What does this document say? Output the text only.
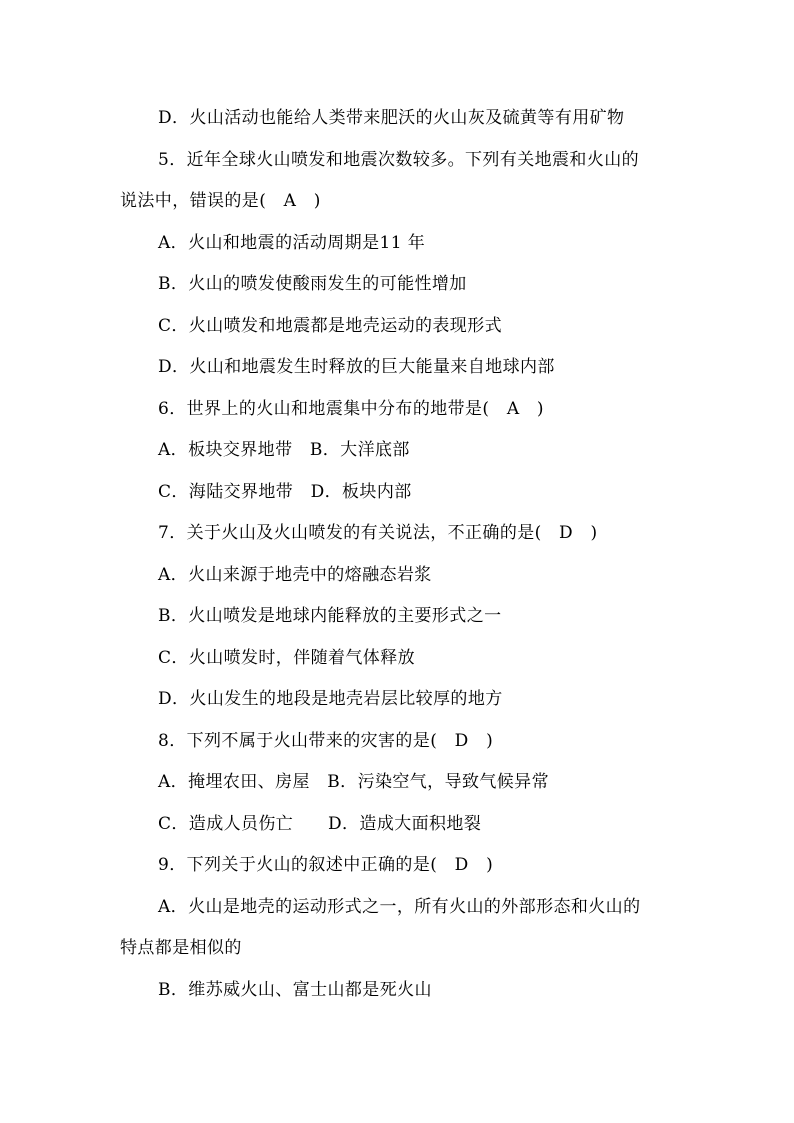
D．火山活动也能给人类带来肥沃的火山灰及硫黄等有用矿物
5．近年全球火山喷发和地震次数较多。下列有关地震和火山的
说法中，错误的是(　A　)
A．火山和地震的活动周期是11 年
B．火山的喷发使酸雨发生的可能性增加
C．火山喷发和地震都是地壳运动的表现形式
D．火山和地震发生时释放的巨大能量来自地球内部
6．世界上的火山和地震集中分布的地带是(　A　)
A．板块交界地带　B．大洋底部
C．海陆交界地带　D．板块内部
7．关于火山及火山喷发的有关说法，不正确的是(　D　)
A．火山来源于地壳中的熔融态岩浆
B．火山喷发是地球内能释放的主要形式之一
C．火山喷发时，伴随着气体释放
D．火山发生的地段是地壳岩层比较厚的地方
8．下列不属于火山带来的灾害的是(　D　)
A．掩埋农田、房屋　B．污染空气，导致气候异常
C．造成人员伤亡　　D．造成大面积地裂
9．下列关于火山的叙述中正确的是(　D　)
A．火山是地壳的运动形式之一，所有火山的外部形态和火山的
特点都是相似的
B．维苏威火山、富士山都是死火山
